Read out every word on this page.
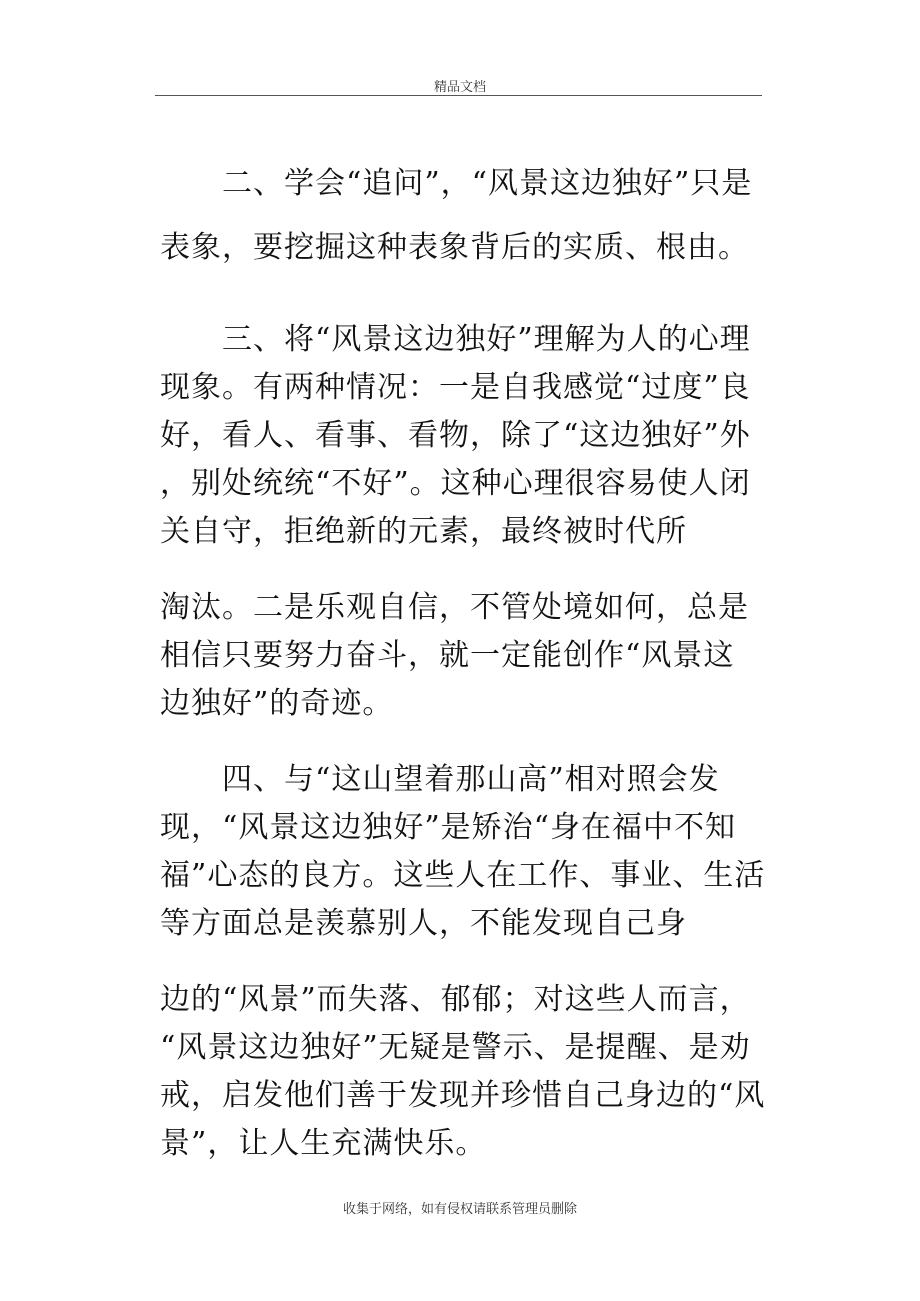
精品文档
　　二、学会“追问”，“风景这边独好”只是
表象，要挖掘这种表象背后的实质、根由。
　　三、将“风景这边独好”理解为人的心理
现象。有两种情况：一是自我感觉“过度”良
好，看人、看事、看物，除了“这边独好”外
，别处统统“不好”。这种心理很容易使人闭
关自守，拒绝新的元素，最终被时代所
淘汰。二是乐观自信，不管处境如何，总是
相信只要努力奋斗，就一定能创作“风景这
边独好”的奇迹。
　　四、与“这山望着那山高”相对照会发
现，“风景这边独好”是矫治“身在福中不知
福”心态的良方。这些人在工作、事业、生活
等方面总是羡慕别人，不能发现自己身
边的“风景”而失落、郁郁；对这些人而言，
“风景这边独好”无疑是警示、是提醒、是劝
戒，启发他们善于发现并珍惜自己身边的“风
景”，让人生充满快乐。
收集于网络，如有侵权请联系管理员删除
